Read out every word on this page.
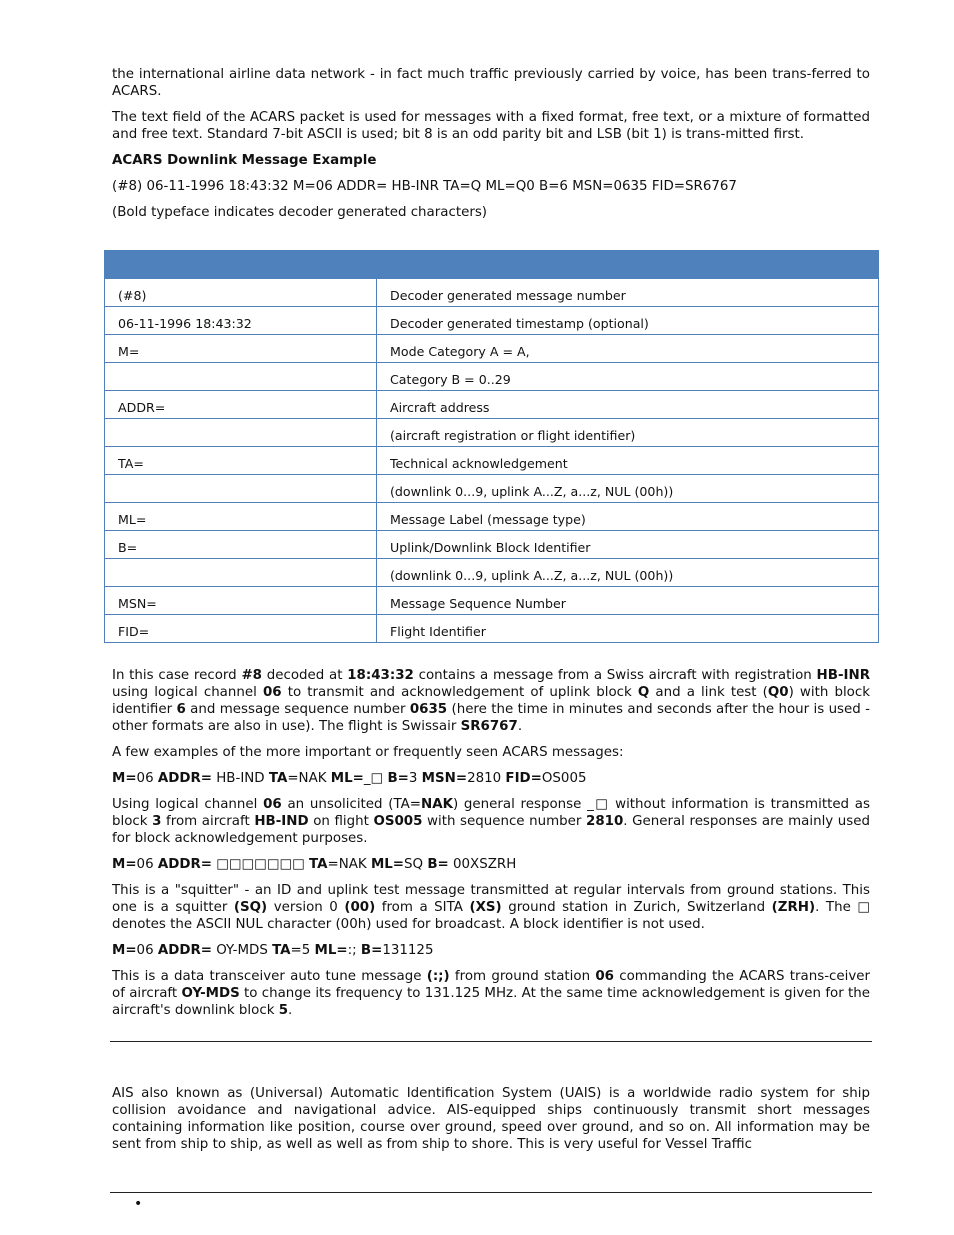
the international airline data network - in fact much traffic previously carried by voice, has been trans-ferred to ACARS.

The text field of the ACARS packet is used for messages with a fixed format, free text, or a mixture of formatted and free text. Standard 7-bit ASCII is used; bit 8 is an odd parity bit and LSB (bit 1) is trans-mitted first.

ACARS Downlink Message Example

(#8) 06-11-1996 18:43:32 M=06 ADDR= HB-INR TA=Q ML=Q0 B=6 MSN=0635 FID=SR6767

(Bold typeface indicates decoder generated characters)

(#8)	Decoder generated message number
06-11-1996 18:43:32	Decoder generated timestamp (optional)
M=	Mode Category A = A,
	Category B = 0..29
ADDR=	Aircraft address
	(aircraft registration or flight identifier)
TA=	Technical acknowledgement
	(downlink 0...9, uplink A...Z, a...z, NUL (00h))
ML=	Message Label (message type)
B=	Uplink/Downlink Block Identifier
	(downlink 0...9, uplink A...Z, a...z, NUL (00h))
MSN=	Message Sequence Number
FID=	Flight Identifier

In this case record #8 decoded at 18:43:32 contains a message from a Swiss aircraft with registration HB-INR using logical channel 06 to transmit and acknowledgement of uplink block Q and a link test (Q0) with block identifier 6 and message sequence number 0635 (here the time in minutes and seconds after the hour is used - other formats are also in use). The flight is Swissair SR6767.

A few examples of the more important or frequently seen ACARS messages:

M=06 ADDR= HB-IND TA=NAK ML=_□ B=3 MSN=2810 FID=OS005

Using logical channel 06 an unsolicited (TA=NAK) general response _□ without information is transmitted as block 3 from aircraft HB-IND on flight OS005 with sequence number 2810. General responses are mainly used for block acknowledgement purposes.

M=06 ADDR= □□□□□□□ TA=NAK ML=SQ B= 00XSZRH

This is a "squitter" - an ID and uplink test message transmitted at regular intervals from ground stations. This one is a squitter (SQ) version 0 (00) from a SITA (XS) ground station in Zurich, Switzerland (ZRH). The □ denotes the ASCII NUL character (00h) used for broadcast. A block identifier is not used.

M=06 ADDR= OY-MDS TA=5 ML=:; B=131125

This is a data transceiver auto tune message (:;) from ground station 06 commanding the ACARS trans-ceiver of aircraft OY-MDS to change its frequency to 131.125 MHz. At the same time acknowledgement is given for the aircraft's downlink block 5.

AIS also known as (Universal) Automatic Identification System (UAIS) is a worldwide radio system for ship collision avoidance and navigational advice. AIS-equipped ships continuously transmit short messages containing information like position, course over ground, speed over ground, and so on. All information may be sent from ship to ship, as well as well as from ship to shore. This is very useful for Vessel Traffic

•
